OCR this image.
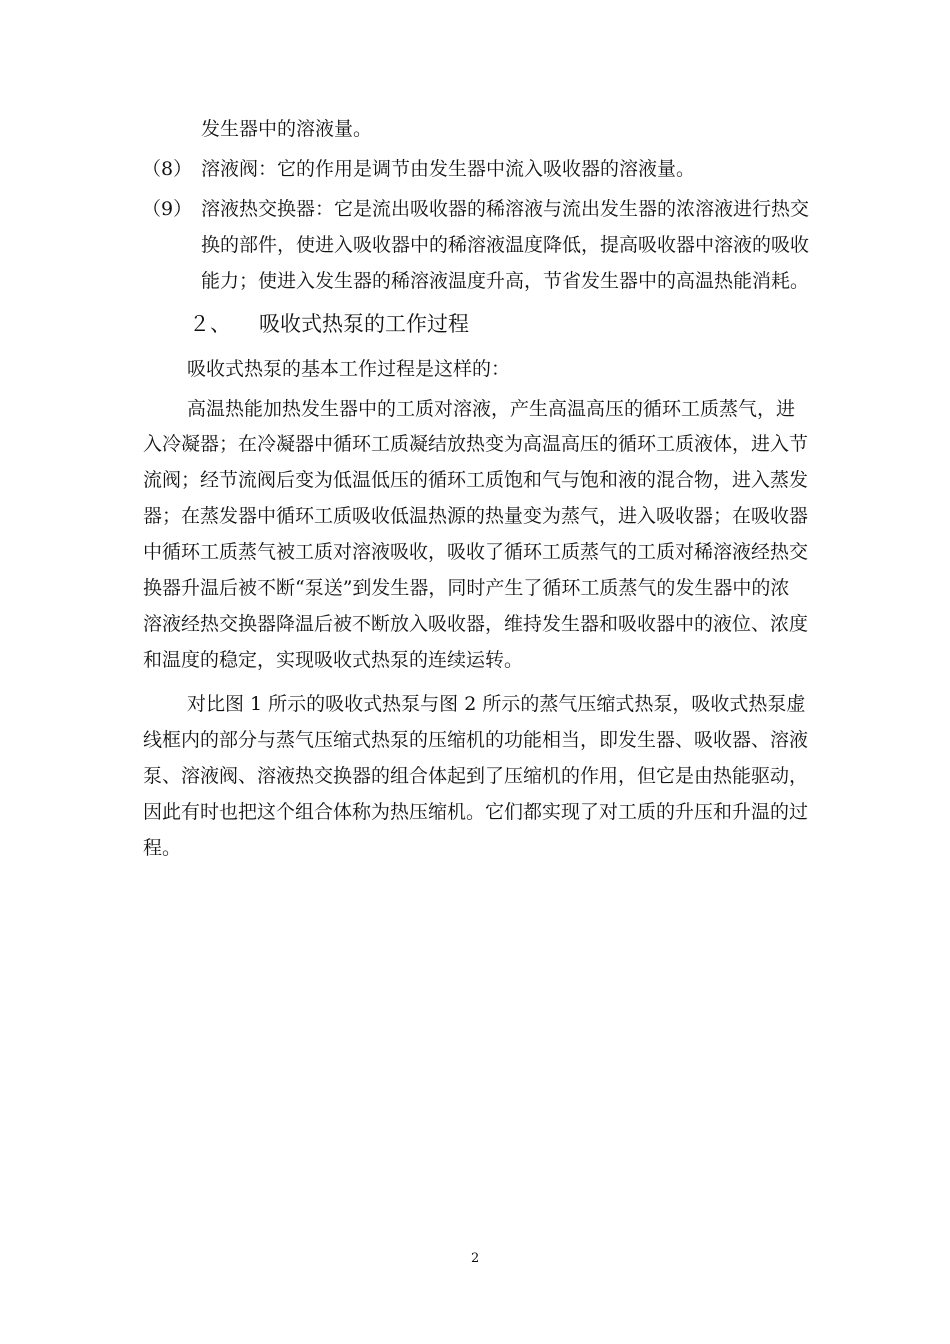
发生器中的溶液量。
（8） 溶液阀：它的作用是调节由发生器中流入吸收器的溶液量。
（9） 溶液热交换器：它是流出吸收器的稀溶液与流出发生器的浓溶液进行热交
换的部件，使进入吸收器中的稀溶液温度降低，提高吸收器中溶液的吸收
能力；使进入发生器的稀溶液温度升高，节省发生器中的高温热能消耗。
２、 吸收式热泵的工作过程
吸收式热泵的基本工作过程是这样的：
高温热能加热发生器中的工质对溶液，产生高温高压的循环工质蒸气，进
入冷凝器；在冷凝器中循环工质凝结放热变为高温高压的循环工质液体，进入节
流阀；经节流阀后变为低温低压的循环工质饱和气与饱和液的混合物，进入蒸发
器；在蒸发器中循环工质吸收低温热源的热量变为蒸气，进入吸收器；在吸收器
中循环工质蒸气被工质对溶液吸收，吸收了循环工质蒸气的工质对稀溶液经热交
换器升温后被不断“泵送”到发生器，同时产生了循环工质蒸气的发生器中的浓
溶液经热交换器降温后被不断放入吸收器，维持发生器和吸收器中的液位、浓度
和温度的稳定，实现吸收式热泵的连续运转。
对比图 1 所示的吸收式热泵与图 2 所示的蒸气压缩式热泵，吸收式热泵虚
线框内的部分与蒸气压缩式热泵的压缩机的功能相当，即发生器、吸收器、溶液
泵、溶液阀、溶液热交换器的组合体起到了压缩机的作用，但它是由热能驱动，
因此有时也把这个组合体称为热压缩机。它们都实现了对工质的升压和升温的过
程。
2
